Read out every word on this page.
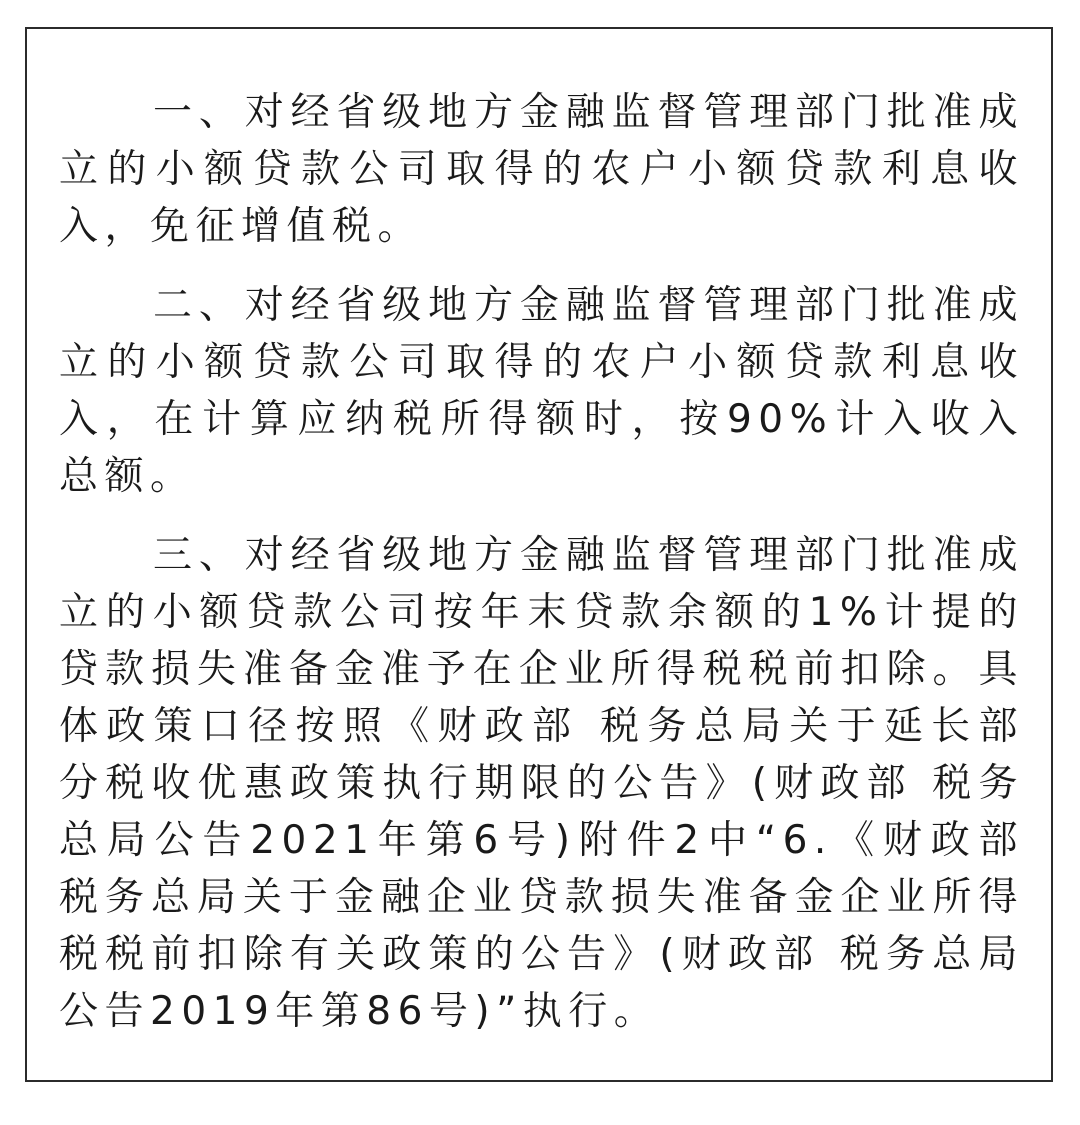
一、对经省级地方金融监督管理部门批准成立的小额贷款公司取得的农户小额贷款利息收入，免征增值税。

二、对经省级地方金融监督管理部门批准成立的小额贷款公司取得的农户小额贷款利息收入，在计算应纳税所得额时，按90%计入收入总额。

三、对经省级地方金融监督管理部门批准成立的小额贷款公司按年末贷款余额的1%计提的贷款损失准备金准予在企业所得税税前扣除。具体政策口径按照《财政部 税务总局关于延长部分税收优惠政策执行期限的公告》(财政部 税务总局公告2021年第6号)附件2中“6.《财政部 税务总局关于金融企业贷款损失准备金企业所得税税前扣除有关政策的公告》(财政部 税务总局公告2019年第86号)”执行。
